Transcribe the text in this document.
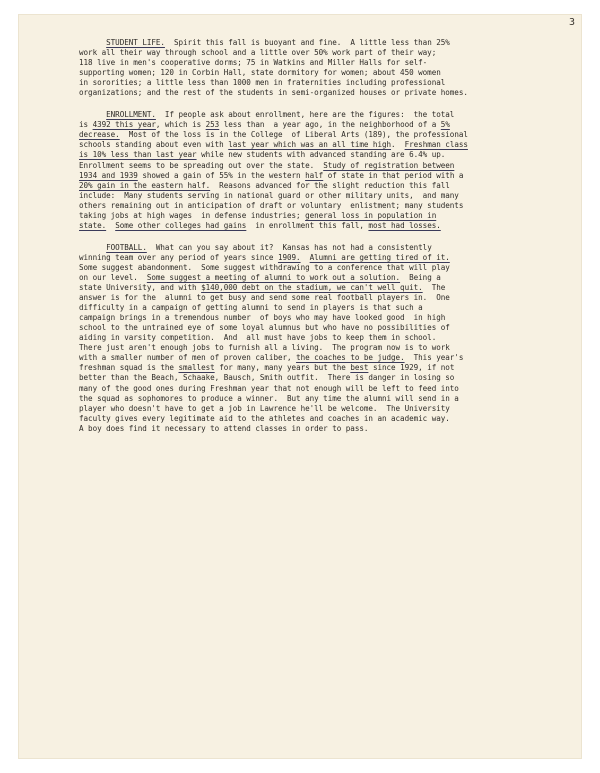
3
STUDENT LIFE.  Spirit this fall is buoyant and fine.  A little less than 25%
work all their way through school and a little over 50% work part of their way;
118 live in men's cooperative dorms; 75 in Watkins and Miller Halls for self-
supporting women; 120 in Corbin Hall, state dormitory for women; about 450 women
in sororities; a little less than 1000 men in fraternities including professional
organizations; and the rest of the students in semi-organized houses or private homes.
ENROLLMENT.  If people ask about enrollment, here are the figures:  the total
is 4392 this year, which is 253 less than  a year ago, in the neighborhood of a 5%
decrease.  Most of the loss is in the College  of Liberal Arts (189), the professional
schools standing about even with last year which was an all time high.  Freshman class
is 10% less than last year while new students with advanced standing are 6.4% up.
Enrollment seems to be spreading out over the state.  Study of registration between
1934 and 1939 showed a gain of 55% in the western half of state in that period with a
20% gain in the eastern half.  Reasons advanced for the slight reduction this fall
include:  Many students serving in national guard or other military units,  and many
others remaining out in anticipation of draft or voluntary  enlistment; many students
taking jobs at high wages  in defense industries; general loss in population in
state. Some other colleges had gains  in enrollment this fall, most had losses.
FOOTBALL.  What can you say about it?  Kansas has not had a consistently
winning team over any period of years since 1909. Alumni are getting tired of it.
Some suggest abandonment.  Some suggest withdrawing to a conference that will play
on our level.  Some suggest a meeting of alumni to work out a solution.  Being a
state University, and with $140,000 debt on the stadium, we can't well quit.  The
answer is for the  alumni to get busy and send some real football players in.  One
difficulty in a campaign of getting alumni to send in players is that such a
campaign brings in a tremendous number  of boys who may have looked good  in high
school to the untrained eye of some loyal alumnus but who have no possibilities of
aiding in varsity competition.  And  all must have jobs to keep them in school.
There just aren't enough jobs to furnish all a living.  The program now is to work
with a smaller number of men of proven caliber, the coaches to be judge.  This year's
freshman squad is the smallest for many, many years but the best since 1929, if not
better than the Beach, Schaake, Bausch, Smith outfit.  There is danger in losing so
many of the good ones during Freshman year that not enough will be left to feed into
the squad as sophomores to produce a winner.  But any time the alumni will send in a
player who doesn't have to get a job in Lawrence he'll be welcome.  The University
faculty gives every legitimate aid to the athletes and coaches in an academic way.
A boy does find it necessary to attend classes in order to pass.
